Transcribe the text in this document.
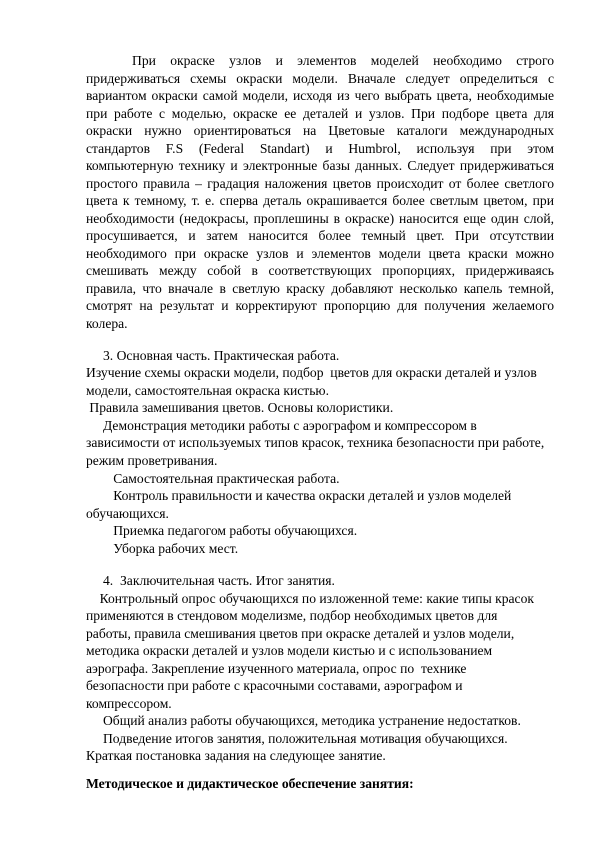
При окраске узлов и элементов моделей необходимо строго
придерживаться схемы окраски модели. Вначале следует определиться с
вариантом окраски самой модели, исходя из чего выбрать цвета, необходимые
при работе с моделью, окраске ее деталей и узлов. При подборе цвета для
окраски нужно ориентироваться на Цветовые каталоги международных
стандартов F.S (Federal Standart) и Humbrol, используя при этом
компьютерную технику и электронные базы данных. Следует придерживаться
простого правила – градация наложения цветов происходит от более светлого
цвета к темному, т. е. сперва деталь окрашивается более светлым цветом, при
необходимости (недокрасы, проплешины в окраске) наносится еще один слой,
просушивается, и затем наносится более темный цвет. При отсутствии
необходимого при окраске узлов и элементов модели цвета краски можно
смешивать между собой в соответствующих пропорциях, придерживаясь
правила, что вначале в светлую краску добавляют несколько капель темной,
смотрят на результат и корректируют пропорцию для получения желаемого
колера.
3. Основная часть. Практическая работа.
Изучение схемы окраски модели, подбор  цветов для окраски деталей и узлов
модели, самостоятельная окраска кистью.
Правила замешивания цветов. Основы колористики.
Демонстрация методики работы с аэрографом и компрессором в
зависимости от используемых типов красок, техника безопасности при работе,
режим проветривания.
Самостоятельная практическая работа.
Контроль правильности и качества окраски деталей и узлов моделей
обучающихся.
Приемка педагогом работы обучающихся.
Уборка рабочих мест.
4.  Заключительная часть. Итог занятия.
Контрольный опрос обучающихся по изложенной теме: какие типы красок
применяются в стендовом моделизме, подбор необходимых цветов для
работы, правила смешивания цветов при окраске деталей и узлов модели,
методика окраски деталей и узлов модели кистью и с использованием
аэрографа. Закрепление изученного материала, опрос по  технике
безопасности при работе с красочными составами, аэрографом и
компрессором.
Общий анализ работы обучающихся, методика устранение недостатков.
Подведение итогов занятия, положительная мотивация обучающихся.
Краткая постановка задания на следующее занятие.
Методическое и дидактическое обеспечение занятия:
